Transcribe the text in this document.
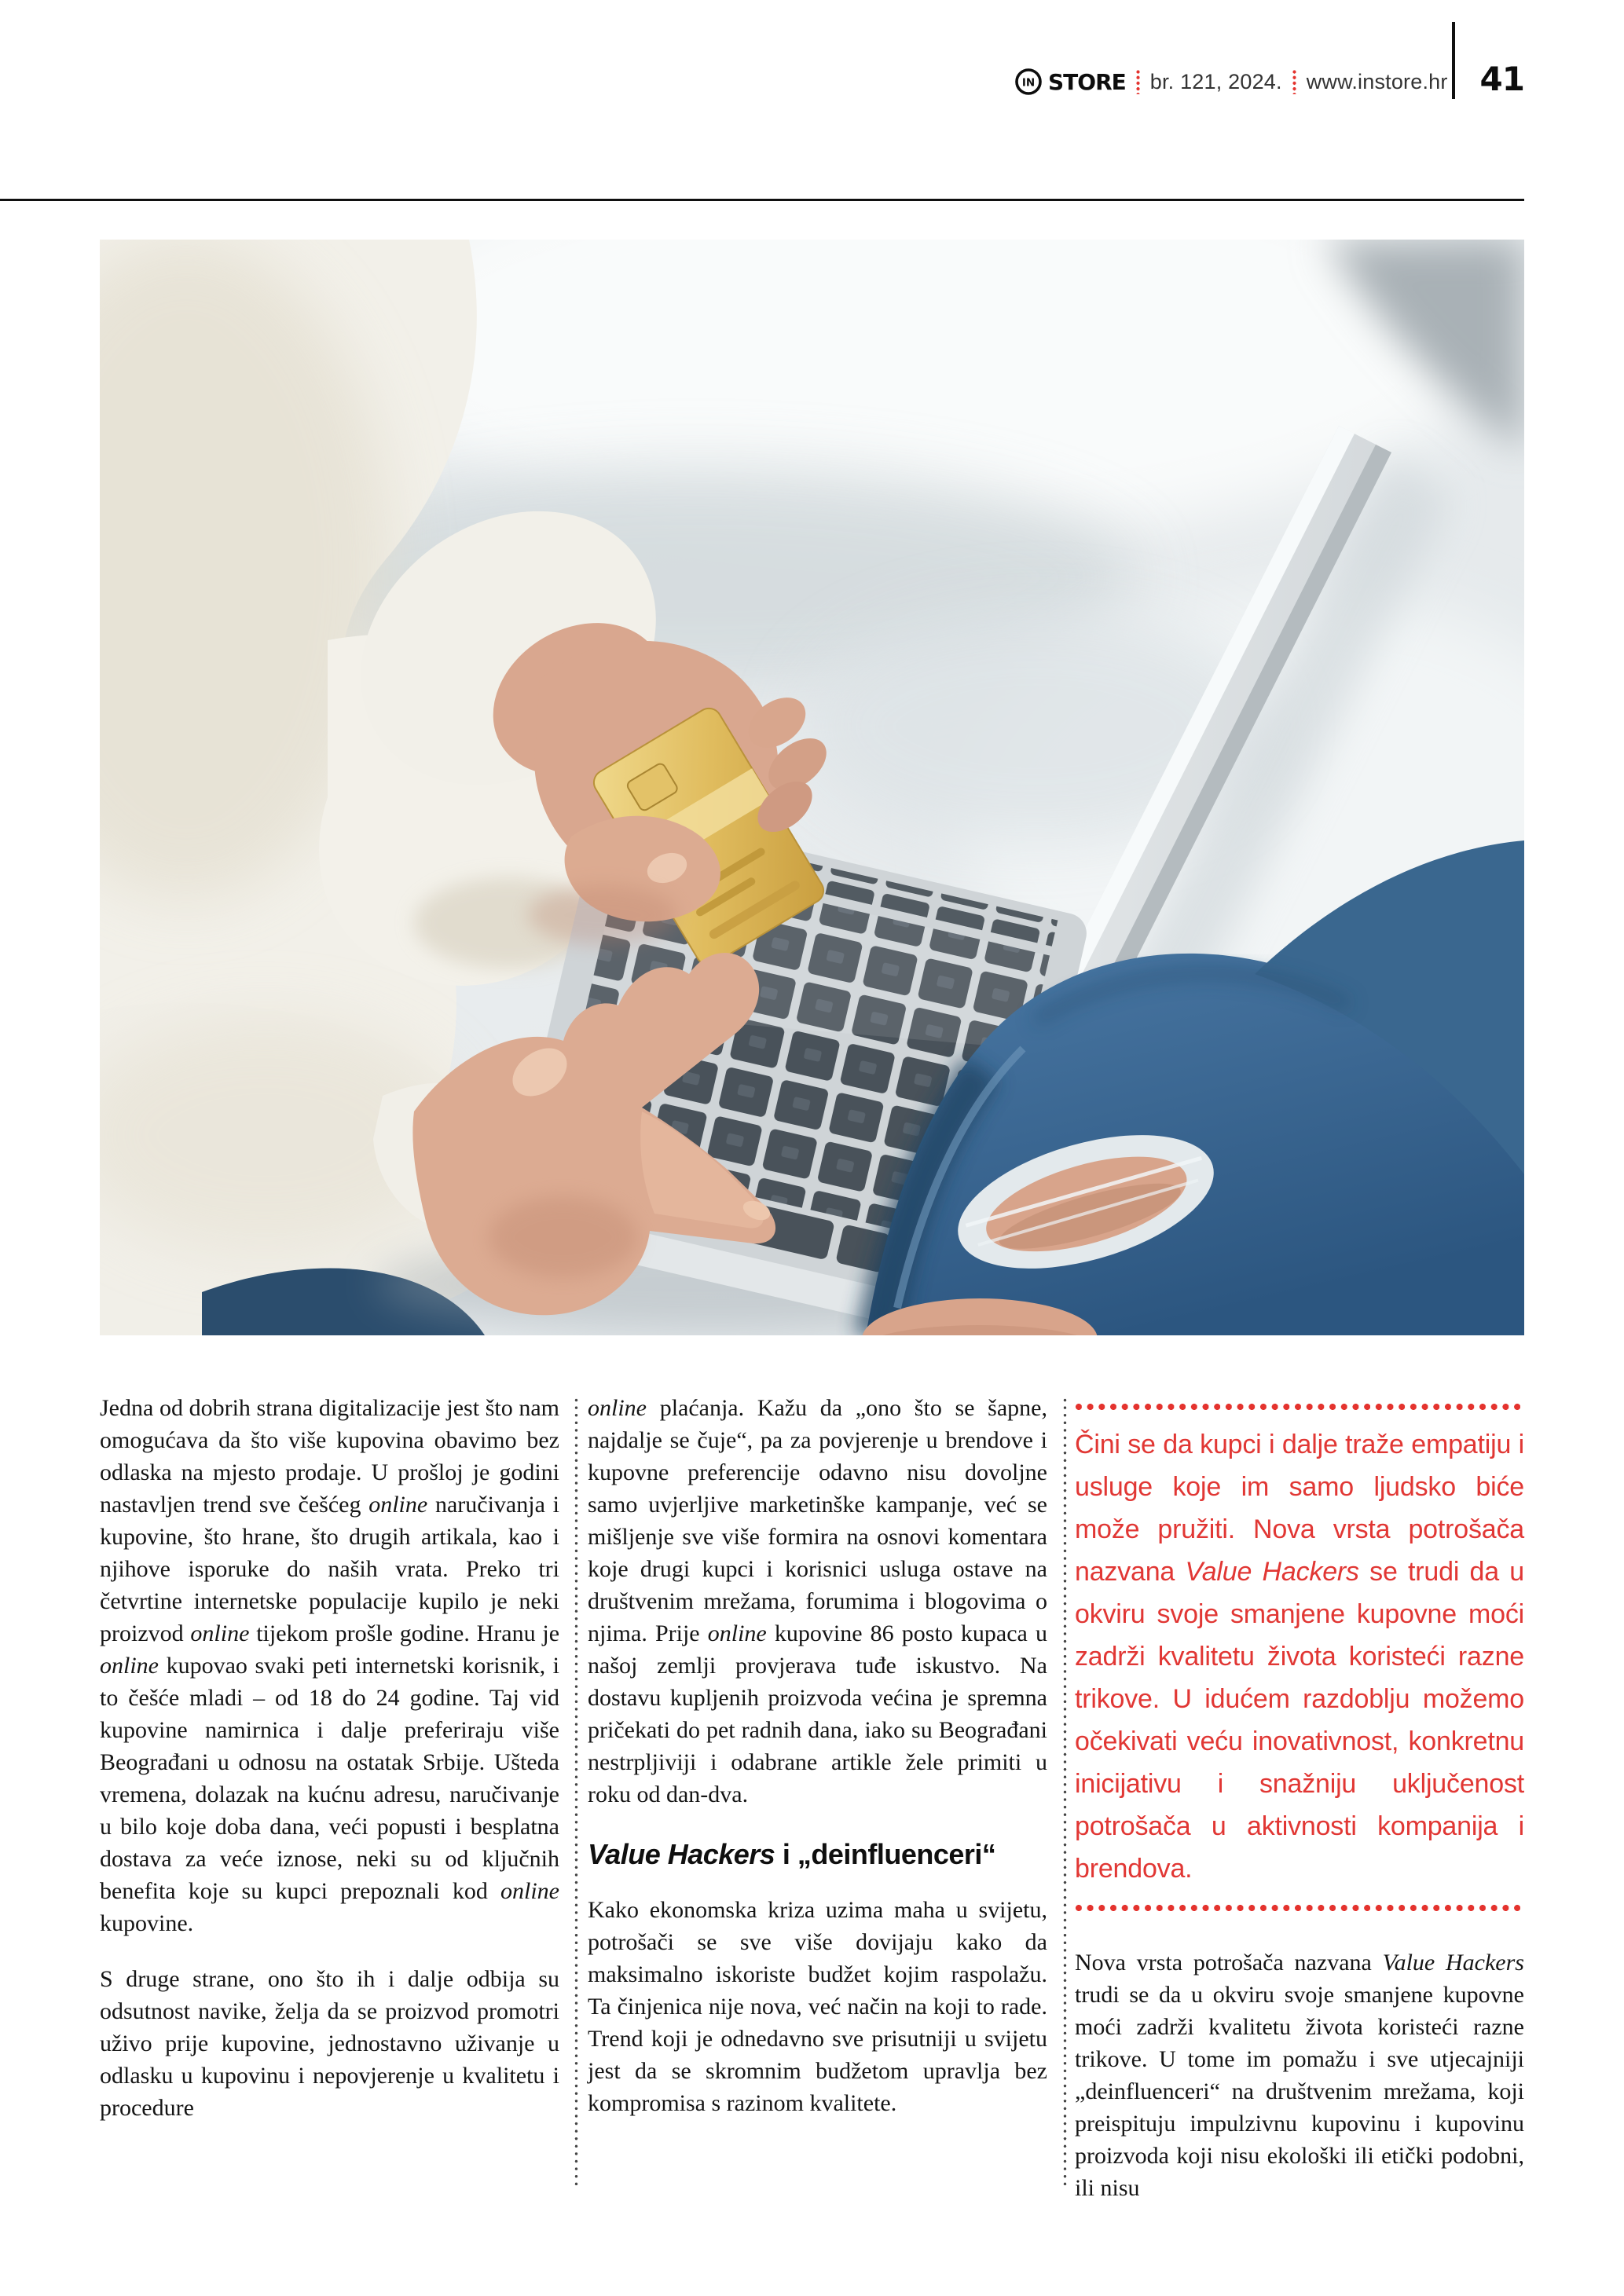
IN STORE br. 121, 2024. www.instore.hr 41

Jedna od dobrih strana digitalizacije jest što nam omogućava da što više kupovina obavimo bez odlaska na mjesto prodaje. U prošloj je godini nastavljen trend sve češćeg online naručivanja i kupovine, što hrane, što drugih artikala, kao i njihove isporuke do naših vrata. Preko tri četvrtine internetske populacije kupilo je neki proizvod online tijekom prošle godine. Hranu je online kupovao svaki peti internetski korisnik, i to češće mladi – od 18 do 24 godine. Taj vid kupovine namirnica i dalje preferiraju više Beograđani u odnosu na ostatak Srbije. Ušteda vremena, dolazak na kućnu adresu, naručivanje u bilo koje doba dana, veći popusti i besplatna dostava za veće iznose, neki su od ključnih benefita koje su kupci prepoznali kod online kupovine.

S druge strane, ono što ih i dalje odbija su odsutnost navike, želja da se proizvod promotri uživo prije kupovine, jednostavno uživanje u odlasku u kupovinu i nepovjerenje u kvalitetu i procedure

online plaćanja. Kažu da „ono što se šapne, najdalje se čuje“, pa za povjerenje u brendove i kupovne preferencije odavno nisu dovoljne samo uvjerljive marketinške kampanje, već se mišljenje sve više formira na osnovi komentara koje drugi kupci i korisnici usluga ostave na društvenim mrežama, forumima i blogovima o njima. Prije online kupovine 86 posto kupaca u našoj zemlji provjerava tuđe iskustvo. Na dostavu kupljenih proizvoda većina je spremna pričekati do pet radnih dana, iako su Beograđani nestrpljiviji i odabrane artikle žele primiti u roku od dan-dva.

Value Hackers i „deinfluenceri“

Kako ekonomska kriza uzima maha u svijetu, potrošači se sve više dovijaju kako da maksimalno iskoriste budžet kojim raspolažu. Ta činjenica nije nova, već način na koji to rade. Trend koji je odnedavno sve prisutniji u svijetu jest da se skromnim budžetom upravlja bez kompromisa s razinom kvalitete.

Čini se da kupci i dalje traže empatiju i usluge koje im samo ljudsko biće može pružiti. Nova vrsta potrošača nazvana Value Hackers se trudi da u okviru svoje smanjene kupovne moći zadrži kvalitetu života koristeći razne trikove. U idućem razdoblju možemo očekivati veću inovativnost, konkretnu inicijativu i snažniju uključenost potrošača u aktivnosti kompanija i brendova.

Nova vrsta potrošača nazvana Value Hackers trudi se da u okviru svoje smanjene kupovne moći zadrži kvalitetu života koristeći razne trikove. U tome im pomažu i sve utjecajniji „deinfluenceri“ na društvenim mrežama, koji preispituju impulzivnu kupovinu i kupovinu proizvoda koji nisu ekološki ili etički podobni, ili nisu
